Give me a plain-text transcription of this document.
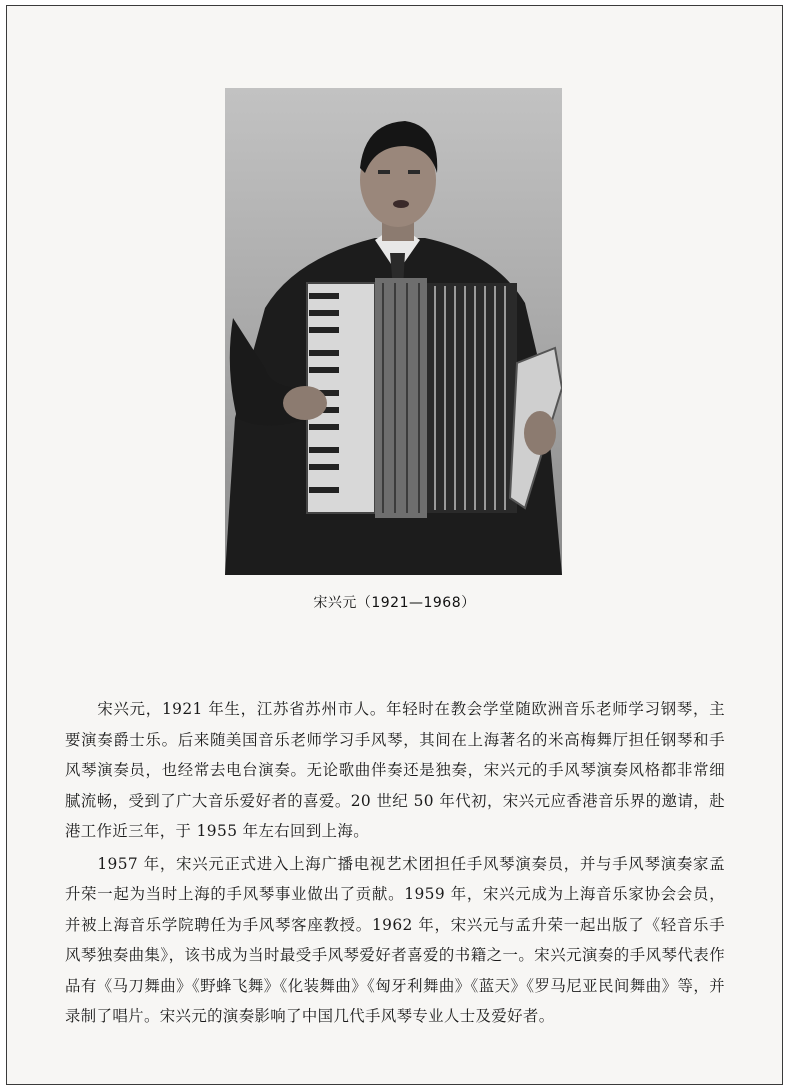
宋兴元（1921—1968）

宋兴元，1921 年生，江苏省苏州市人。年轻时在教会学堂随欧洲音乐老师学习钢琴，主要演奏爵士乐。后来随美国音乐老师学习手风琴，其间在上海著名的米高梅舞厅担任钢琴和手风琴演奏员，也经常去电台演奏。无论歌曲伴奏还是独奏，宋兴元的手风琴演奏风格都非常细腻流畅，受到了广大音乐爱好者的喜爱。20 世纪 50 年代初，宋兴元应香港音乐界的邀请，赴港工作近三年，于 1955 年左右回到上海。

1957 年，宋兴元正式进入上海广播电视艺术团担任手风琴演奏员，并与手风琴演奏家孟升荣一起为当时上海的手风琴事业做出了贡献。1959 年，宋兴元成为上海音乐家协会会员，并被上海音乐学院聘任为手风琴客座教授。1962 年，宋兴元与孟升荣一起出版了《轻音乐手风琴独奏曲集》，该书成为当时最受手风琴爱好者喜爱的书籍之一。宋兴元演奏的手风琴代表作品有《马刀舞曲》《野蜂飞舞》《化装舞曲》《匈牙利舞曲》《蓝天》《罗马尼亚民间舞曲》等，并录制了唱片。宋兴元的演奏影响了中国几代手风琴专业人士及爱好者。
